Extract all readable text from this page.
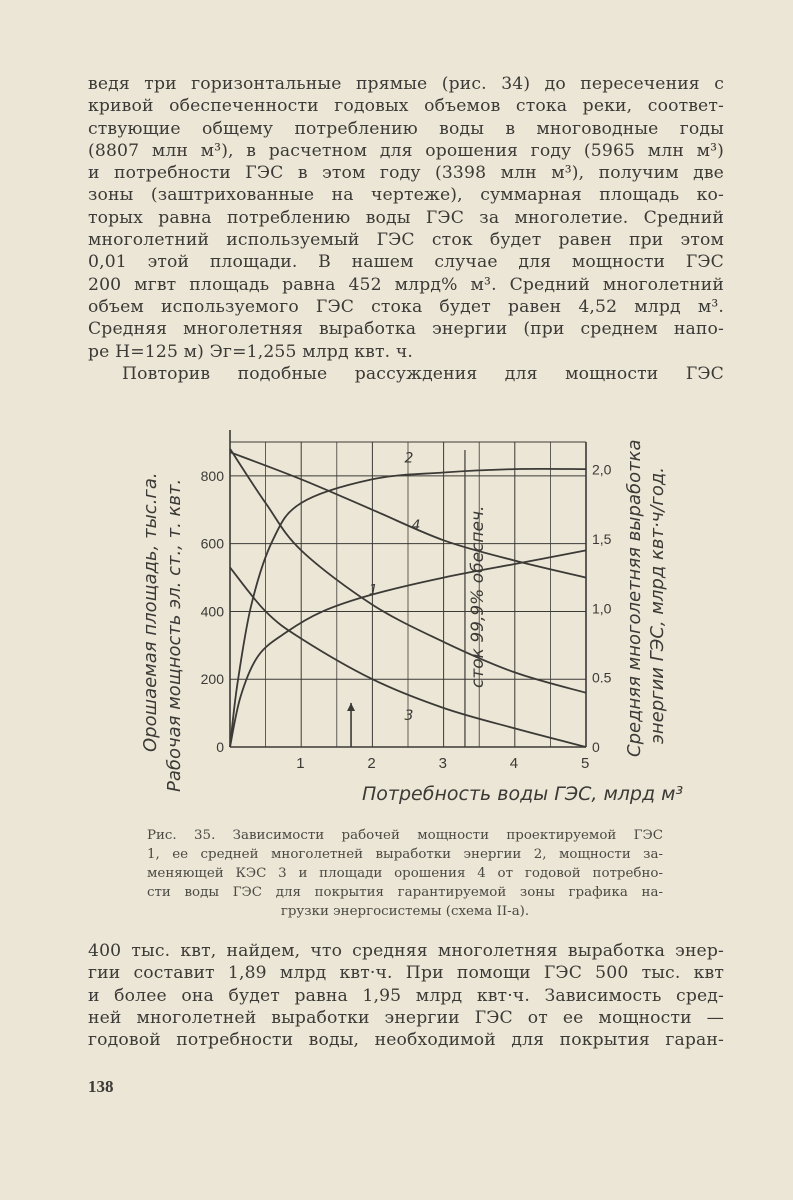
ведя три горизонтальные прямые (рис. 34) до пересечения с
кривой обеспеченности годовых объемов стока реки, соответ-
ствующие общему потреблению воды в многоводные годы
(8807 млн м³), в расчетном для орошения году (5965 млн м³)
и потребности ГЭС в этом году (3398 млн м³), получим две
зоны (заштрихованные на чертеже), суммарная площадь ко-
торых равна потреблению воды ГЭС за многолетие. Средний
многолетний используемый ГЭС сток будет равен при этом
0,01 этой площади. В нашем случае для мощности ГЭС
200 мгвт площадь равна 452 млрд% м³. Средний многолетний
объем используемого ГЭС стока будет равен 4,52 млрд м³.
Средняя многолетняя выработка энергии (при среднем напо-
ре Н=125 м) Эг=1,255 млрд квт. ч.
Повторив подобные рассуждения для мощности ГЭС
1	2	3	4	5
0
200
400
600
800
0
0.5
1,0
1,5
2,0
1
2
3
4
Потребность воды ГЭС, млрд м³
Орошаемая площадь, тыс.га. Рабочая мощность эл. ст., т. квт.	Средняя многолетняя выработка энергии ГЭС, млрд квт·ч/год.
сток 99,9% обеспеч.
Рис. 35. Зависимости рабочей мощности проектируемой ГЭС
1, ее средней многолетней выработки энергии 2, мощности за-
меняющей КЭС 3 и площади орошения 4 от годовой потребно-
сти воды ГЭС для покрытия гарантируемой зоны графика на-
грузки энергосистемы (схема II-а).
400 тыс. квт, найдем, что средняя многолетняя выработка энер-
гии составит 1,89 млрд квт·ч. При помощи ГЭС 500 тыс. квт
и более она будет равна 1,95 млрд квт·ч. Зависимость сред-
ней многолетней выработки энергии ГЭС от ее мощности —
годовой потребности воды, необходимой для покрытия гаран-
138
